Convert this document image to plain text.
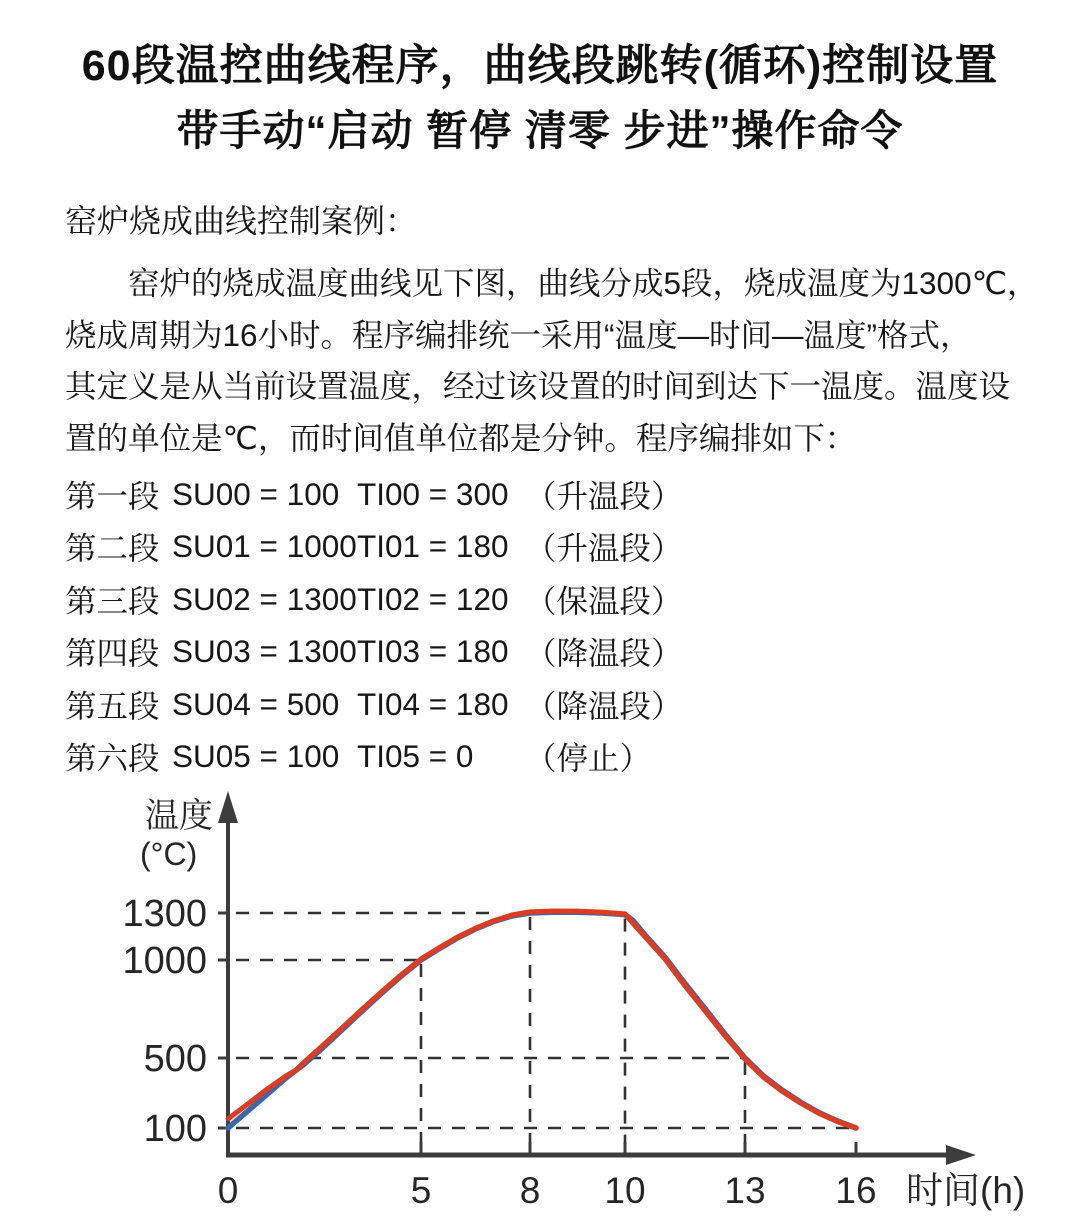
60段温控曲线程序，曲线段跳转(循环)控制设置
带手动“启动 暂停 清零 步进”操作命令
窑炉烧成曲线控制案例：
窑炉的烧成温度曲线见下图，曲线分成5段，烧成温度为1300℃，
烧成周期为16小时。程序编排统一采用“温度—时间—温度”格式，
其定义是从当前设置温度，经过该设置的时间到达下一温度。温度设
置的单位是℃，而时间值单位都是分钟。程序编排如下：
第一段 SU00 = 100 TI00 = 300 （升温段）
第二段 SU01 = 1000 TI01 = 180 （升温段）
第三段 SU02 = 1300 TI02 = 120 （保温段）
第四段 SU03 = 1300 TI03 = 180 （降温段）
第五段 SU04 = 500 TI04 = 180 （降温段）
第六段 SU05 = 100 TI05 = 0	（停止）
100
500
1000
1300
0	5 8 10 13 16
温度
(°C)
时间(h)
